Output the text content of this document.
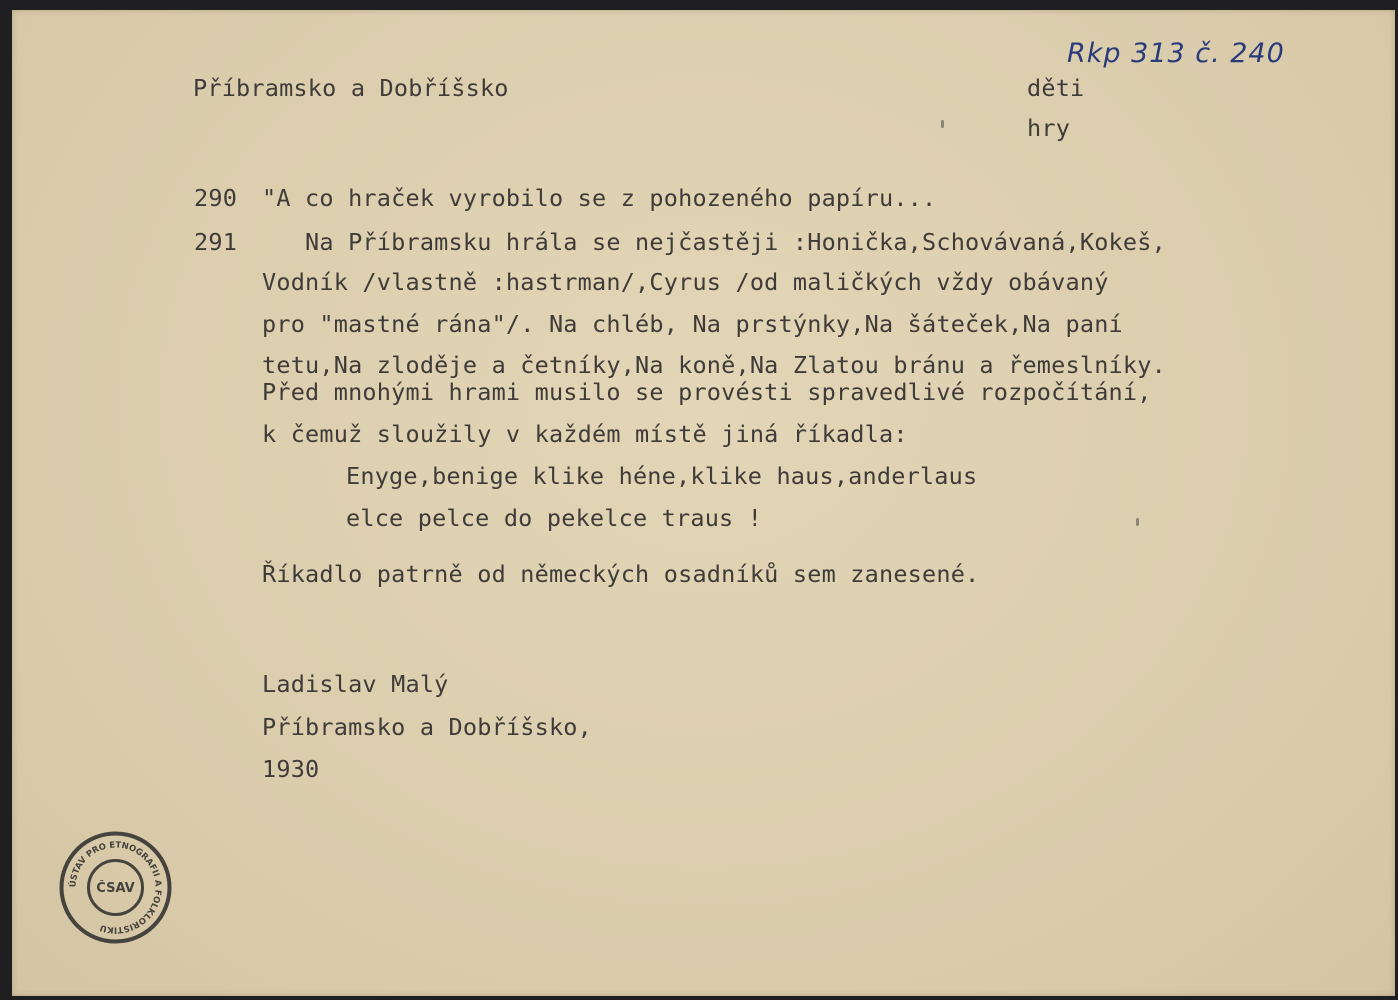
Rkp 313 č. 240
Příbramsko a Dobříšsko	děti
hry
290 "A co hraček vyrobilo se z pohozeného papíru...
291 Na Příbramsku hrála se nejčastěji :Honička,Schovávaná,Kokeš,
Vodník /vlastně :hastrman/,Cyrus /od maličkých vždy obávaný
pro "mastné rána"/. Na chléb, Na prstýnky,Na šáteček,Na paní
tetu,Na zloděje a četníky,Na koně,Na Zlatou bránu a řemeslníky.
Před mnohými hrami musilo se provésti spravedlivé rozpočítání,
k čemuž sloužily v každém místě jiná říkadla:
Enyge,benige klike héne,klike haus,anderlaus
elce pelce do pekelce traus !
Říkadlo patrně od německých osadníků sem zanesené.
Ladislav Malý
Příbramsko a Dobříšsko,
1930
ÚSTAV PRO ETNOGRAFII A FOLKLORISTIKU
ČSAV
